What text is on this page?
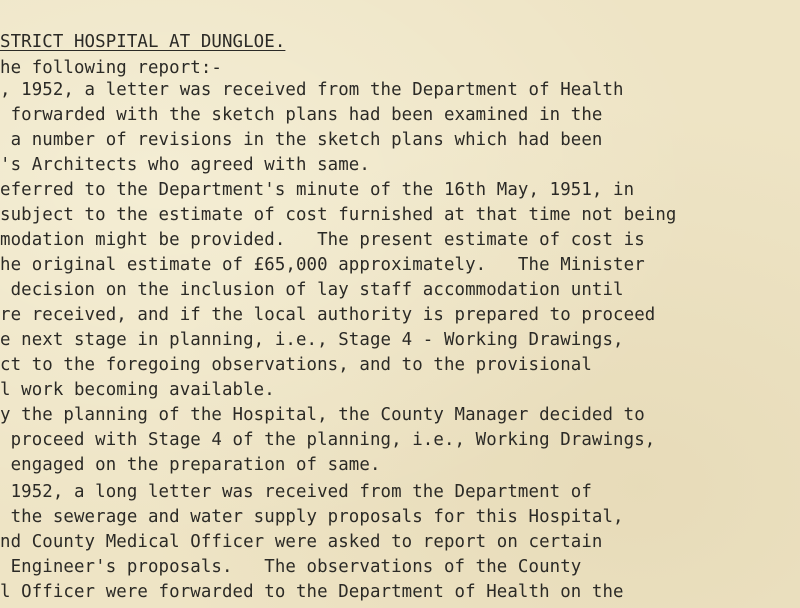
STRICT HOSPITAL AT DUNGLOE.
he following report:-
, 1952, a letter was received from the Department of Health
forwarded with the sketch plans had been examined in the
a number of revisions in the sketch plans which had been
's Architects who agreed with same.
eferred to the Department's minute of the 16th May, 1951, in
subject to the estimate of cost furnished at that time not being
modation might be provided.   The present estimate of cost is
he original estimate of £65,000 approximately.   The Minister
decision on the inclusion of lay staff accommodation until
re received, and if the local authority is prepared to proceed
e next stage in planning, i.e., Stage 4 - Working Drawings,
ct to the foregoing observations, and to the provisional
l work becoming available.
y the planning of the Hospital, the County Manager decided to
proceed with Stage 4 of the planning, i.e., Working Drawings,
engaged on the preparation of same.
1952, a long letter was received from the Department of
the sewerage and water supply proposals for this Hospital,
nd County Medical Officer were asked to report on certain
Engineer's proposals.   The observations of the County
l Officer were forwarded to the Department of Health on the
